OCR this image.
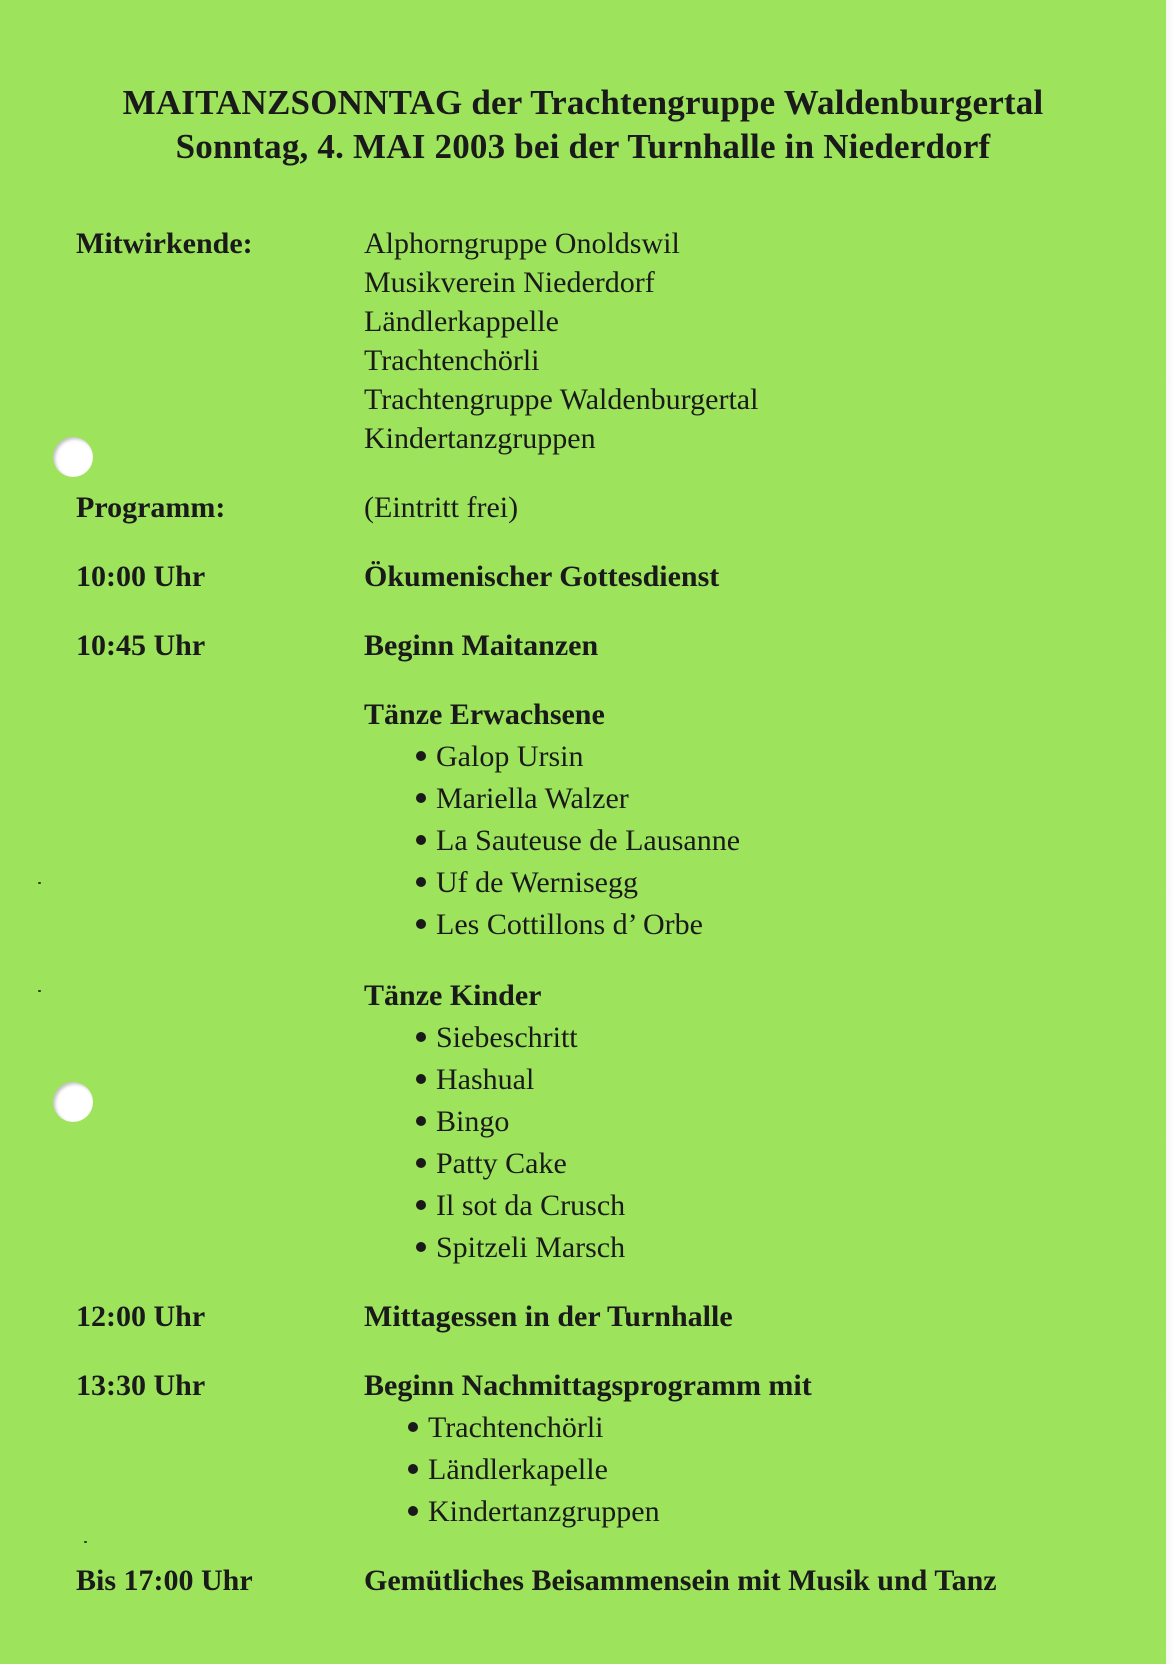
MAITANZSONNTAG der Trachtengruppe Waldenburgertal
Sonntag, 4. MAI 2003 bei der Turnhalle in Niederdorf
Mitwirkende:	Alphorngruppe Onoldswil
Musikverein Niederdorf
Ländlerkappelle
Trachtenchörli
Trachtengruppe Waldenburgertal
Kindertanzgruppen
Programm:	(Eintritt frei)
10:00 Uhr	Ökumenischer Gottesdienst
10:45 Uhr	Beginn Maitanzen
Tänze Erwachsene
Galop Ursin
Mariella Walzer
La Sauteuse de Lausanne
Uf de Wernisegg
Les Cottillons d’ Orbe
Tänze Kinder
Siebeschritt
Hashual
Bingo
Patty Cake
Il sot da Crusch
Spitzeli Marsch
12:00 Uhr	Mittagessen in der Turnhalle
13:30 Uhr	Beginn Nachmittagsprogramm mit
Trachtenchörli
Ländlerkapelle
Kindertanzgruppen
Bis 17:00 Uhr	Gemütliches Beisammensein mit Musik und Tanz
